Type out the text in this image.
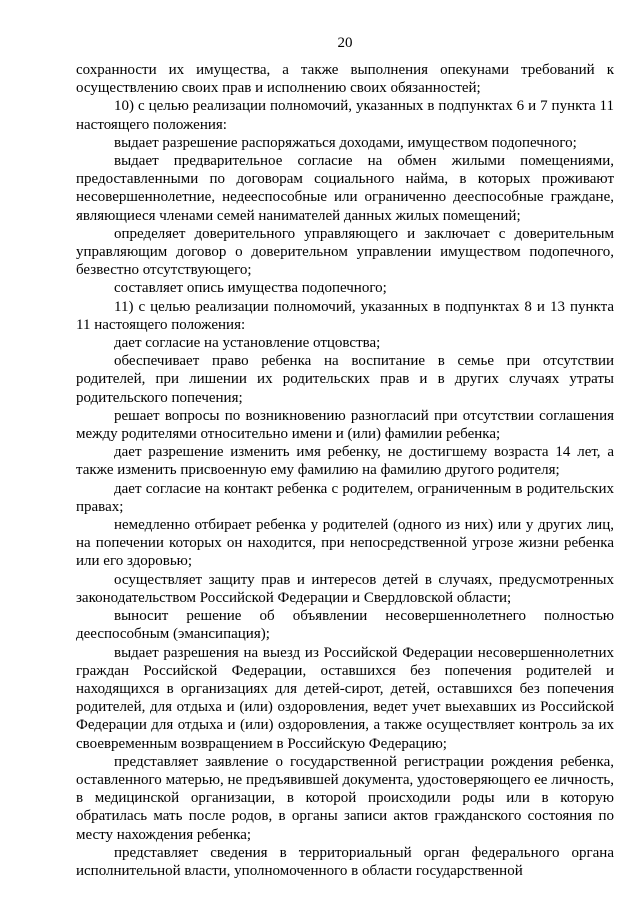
20

сохранности их имущества, а также выполнения опекунами требований к осуществлению своих прав и исполнению своих обязанностей;

10) с целью реализации полномочий, указанных в подпунктах 6 и 7 пункта 11 настоящего положения:

выдает разрешение распоряжаться доходами, имуществом подопечного;

выдает предварительное согласие на обмен жилыми помещениями, предоставленными по договорам социального найма, в которых проживают несовершеннолетние, недееспособные или ограниченно дееспособные граждане, являющиеся членами семей нанимателей данных жилых помещений;

определяет доверительного управляющего и заключает с доверительным управляющим договор о доверительном управлении имуществом подопечного, безвестно отсутствующего;

составляет опись имущества подопечного;

11) с целью реализации полномочий, указанных в подпунктах 8 и 13 пункта 11 настоящего положения:

дает согласие на установление отцовства;

обеспечивает право ребенка на воспитание в семье при отсутствии родителей, при лишении их родительских прав и в других случаях утраты родительского попечения;

решает вопросы по возникновению разногласий при отсутствии соглашения между родителями относительно имени и (или) фамилии ребенка;

дает разрешение изменить имя ребенку, не достигшему возраста 14 лет, а также изменить присвоенную ему фамилию на фамилию другого родителя;

дает согласие на контакт ребенка с родителем, ограниченным в родительских правах;

немедленно отбирает ребенка у родителей (одного из них) или у других лиц, на попечении которых он находится, при непосредственной угрозе жизни ребенка или его здоровью;

осуществляет защиту прав и интересов детей в случаях, предусмотренных законодательством Российской Федерации и Свердловской области;

выносит решение об объявлении несовершеннолетнего полностью дееспособным (эмансипация);

выдает разрешения на выезд из Российской Федерации несовершеннолетних граждан Российской Федерации, оставшихся без попечения родителей и находящихся в организациях для детей-сирот, детей, оставшихся без попечения родителей, для отдыха и (или) оздоровления, ведет учет выехавших из Российской Федерации для отдыха и (или) оздоровления, а также осуществляет контроль за их своевременным возвращением в Российскую Федерацию;

представляет заявление о государственной регистрации рождения ребенка, оставленного матерью, не предъявившей документа, удостоверяющего ее личность, в медицинской организации, в которой происходили роды или в которую обратилась мать после родов, в органы записи актов гражданского состояния по месту нахождения ребенка;

представляет сведения в территориальный орган федерального органа исполнительной власти, уполномоченного в области государственной
